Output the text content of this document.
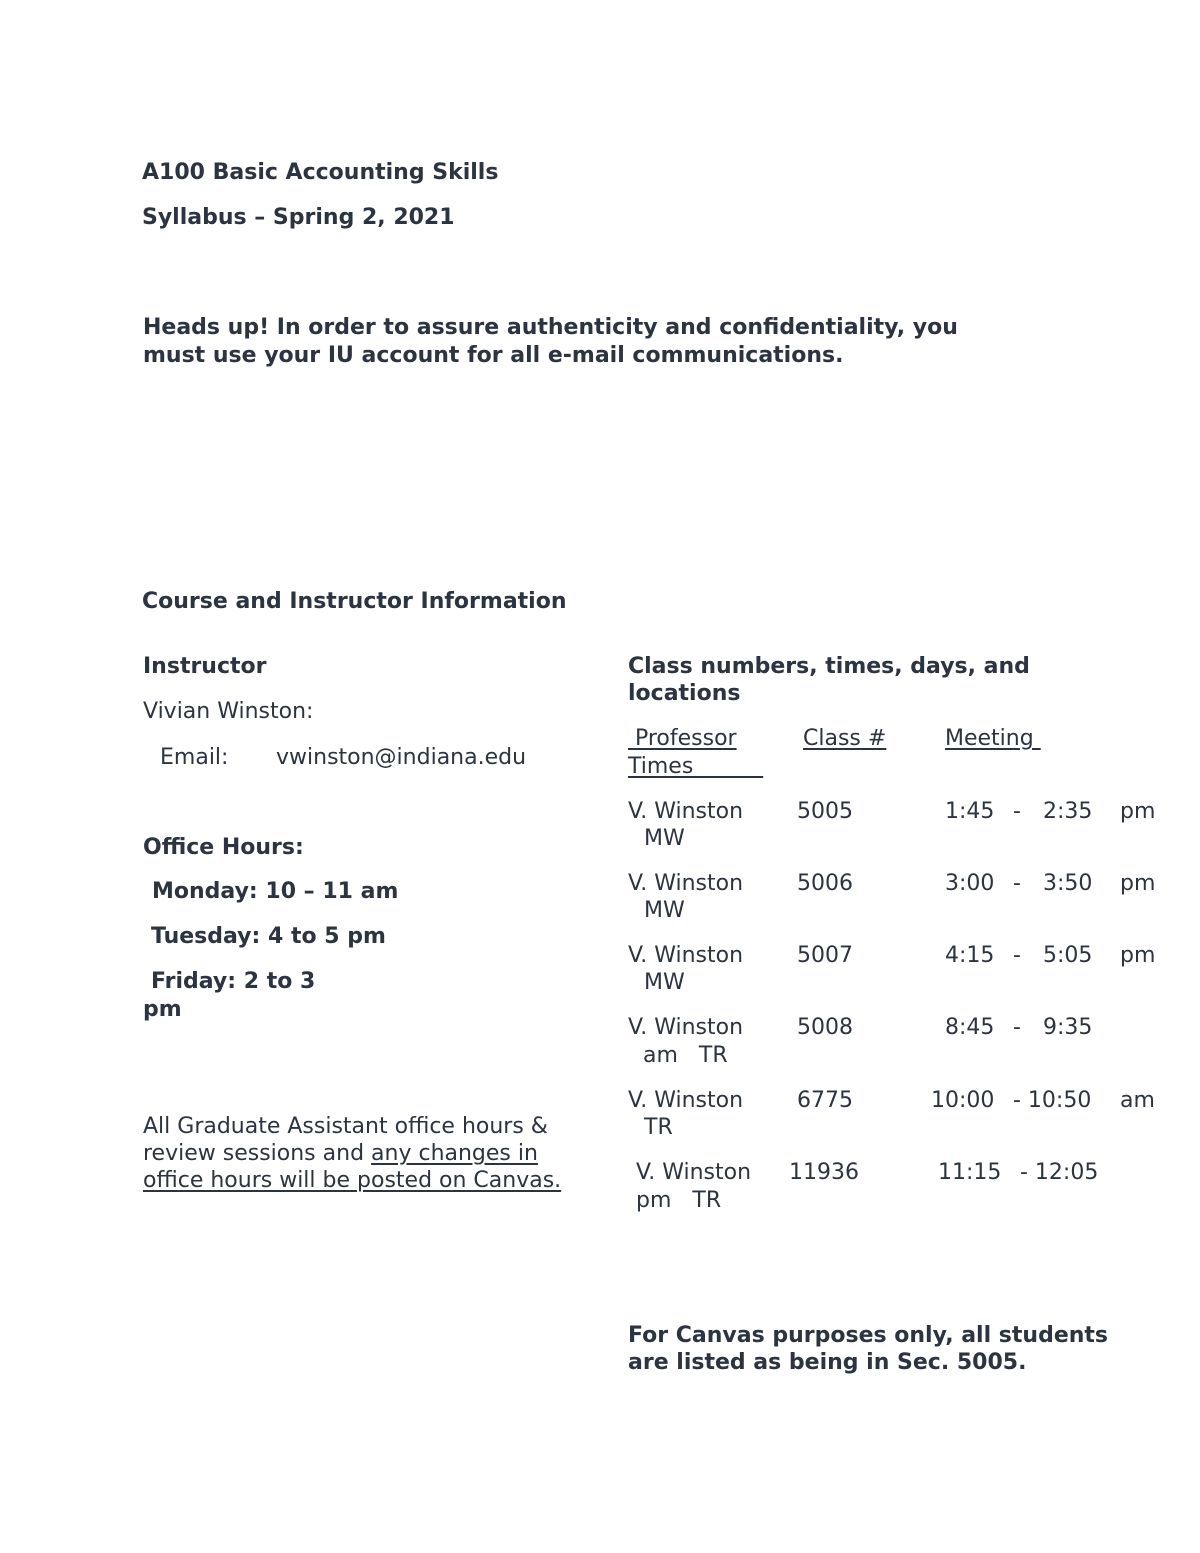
A100 Basic Accounting Skills
Syllabus – Spring 2, 2021
Heads up! In order to assure authenticity and confidentiality, you
must use your IU account for all e-mail communications.
Course and Instructor Information
Instructor
Vivian Winston:
Email: vwinston@indiana.edu
Office Hours:
Monday: 10 – 11 am
Tuesday: 4 to 5 pm
Friday: 2 to 3
pm
All Graduate Assistant office hours &
review sessions and any changes in
office hours will be posted on Canvas.
Class numbers, times, days, and
locations
Professor	Class #	Meeting
Times
V. Winston 5005	1:45 - 2:35 pm
MW
V. Winston 5006	3:00 - 3:50 pm
MW
V. Winston 5007	4:15 - 5:05 pm
MW
V. Winston 5008	8:45 - 9:35
am   TR
V. Winston 6775	10:00 - 10:50 am
TR
V. Winston 11936	11:15 - 12:05
pm   TR
For Canvas purposes only, all students
are listed as being in Sec. 5005.
